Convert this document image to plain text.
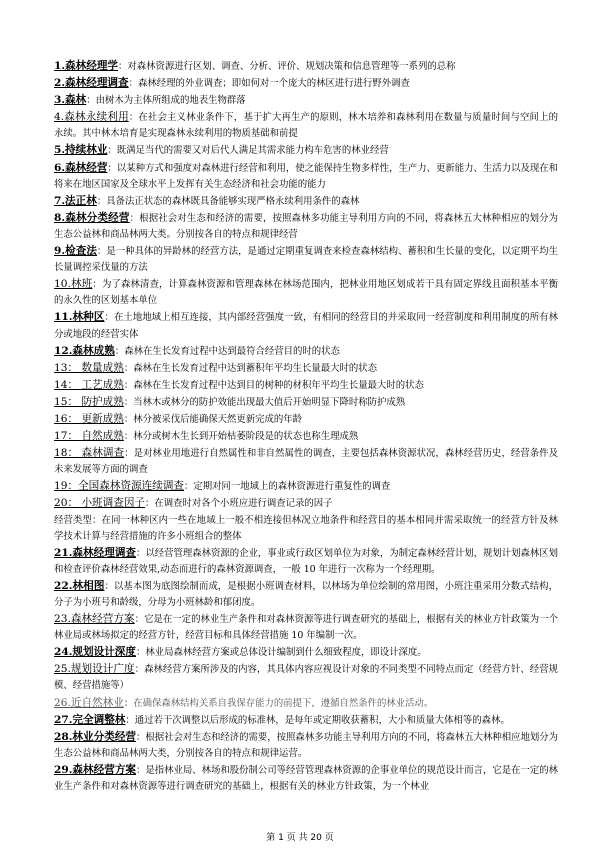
1.森林经理学：对森林资源进行区划、调查、分析、评价、规划决策和信息管理等一系列的总称

2.森林经理调查：森林经理的外业调查；即如何对一个庞大的林区进行进行野外调查

3.森林：由树木为主体所组成的地表生物群落

4.森林永续利用：在社会主义林业条件下，基于扩大再生产的原则，林木培养和森林利用在数量与质量时间与空间上的永续。其中林木培育是实现森林永续利用的物质基础和前提

5.持续林业：既满足当代的需要又对后代人满足其需求能力构车危害的林业经营

6.森林经营：以某种方式和强度对森林进行经营和利用，使之能保持生物多样性，生产力、更新能力、生活力以及现在和将来在地区国家及全球水平上发挥有关生态经济和社会功能的能力

7.法正林：具备法正状态的森林既具备能够实现严格永续利用条件的森林

8.森林分类经营：根据社会对生态和经济的需要，按照森林多功能主导利用方向的不同，将森林五大林种相应的划分为生态公益林和商品林两大类。分别按各自的特点和规律经营

9.检查法：是一种具体的异龄林的经营方法，是通过定期重复调查来检查森林结构、蓄积和生长量的变化，以定期平均生长量调控采伐量的方法

10.林班：为了森林清查，计算森林资源和管理森林在林场范围内，把林业用地区划成若干具有固定界线且面积基本平衡的永久性的区划基本单位

11.林种区：在土地地域上相互连接，其内部经营强度一致，有相同的经营目的并采取同一经营制度和利用制度的所有林分或地段的经营实体

12.森林成熟：森林在生长发育过程中达到最符合经营目的时的状态

13： 数量成熟：森林在生长发育过程中达到蓄积年平均生长量最大时的状态

14： 工艺成熟：森林在生长发育过程中达到目的树种的材积年平均生长量最大时的状态

15： 防护成熟：当林木或林分的防护效能出现最大值后开始明显下降时称防护成熟

16： 更新成熟：林分被采伐后能确保天然更新完成的年龄

17： 自然成熟：林分或树木生长到开始枯萎阶段是的状态也称生理成熟

18： 森林调查：是对林业用地进行自然属性和非自然属性的调查，主要包括森林资源状况，森林经营历史，经营条件及未来发展等方面的调查

19：全国森林资源连续调查：定期对同一地域上的森林资源进行重复性的调查

20： 小班调查因子：在调查时对各个小班应进行调查记录的因子

经营类型：在同一林种区内一些在地域上一般不相连接但林况立地条件和经营目的基本相同并需采取统一的经营方针及林学技术计算与经营措施的许多小班组合的整体

21.森林经理调查：以经营管理森林资源的企业，事业或行政区划单位为对象，为制定森林经营计划，规划计划森林区划和检查评价森林经营效果,动态而进行的森林资源调查，一般 10 年进行一次称为一个经理期。

22.林相图：以基本图为底图绘制而成，是根据小班调查材料，以林场为单位绘制的常用图，小班注重采用分数式结构，分子为小班号和龄级，分母为小班林龄和郁闭度。

23.森林经营方案：它是在一定的林业生产条件和对森林资源等进行调查研究的基础上，根据有关的林业方针政策为一个林业局或林场拟定的经营方针，经营目标和具体经营措施 10 年编制一次。

24.规划设计深度：林业局森林经营方案或总体设计编制到什么细致程度，即设计深度。

25.规划设计广度：森林经营方案所涉及的内容，其具体内容应视设计对象的不同类型不同特点而定（经营方针、经营规模、经营措施等）

26.近自然林业：在确保森林结构关系自我保存能力的前提下，遵循自然条件的林业活动。

27.完全调整林：通过若干次调整以后形成的标准林，是每年或定期收获蓄积，大小和质量大体相等的森林。

28.林业分类经营：根据社会对生态和经济的需要，按照森林多功能主导利用方向的不同，将森林五大林种相应地划分为生态公益林和商品林两大类，分别按各自的特点和规律运营。

29.森林经营方案：是指林业局、林场和股份制公司等经营管理森林资源的企事业单位的规范设计而言，它是在一定的林业生产条件和对森林资源等进行调查研究的基础上，根据有关的林业方针政策，为一个林业

第 1 页 共 20 页
